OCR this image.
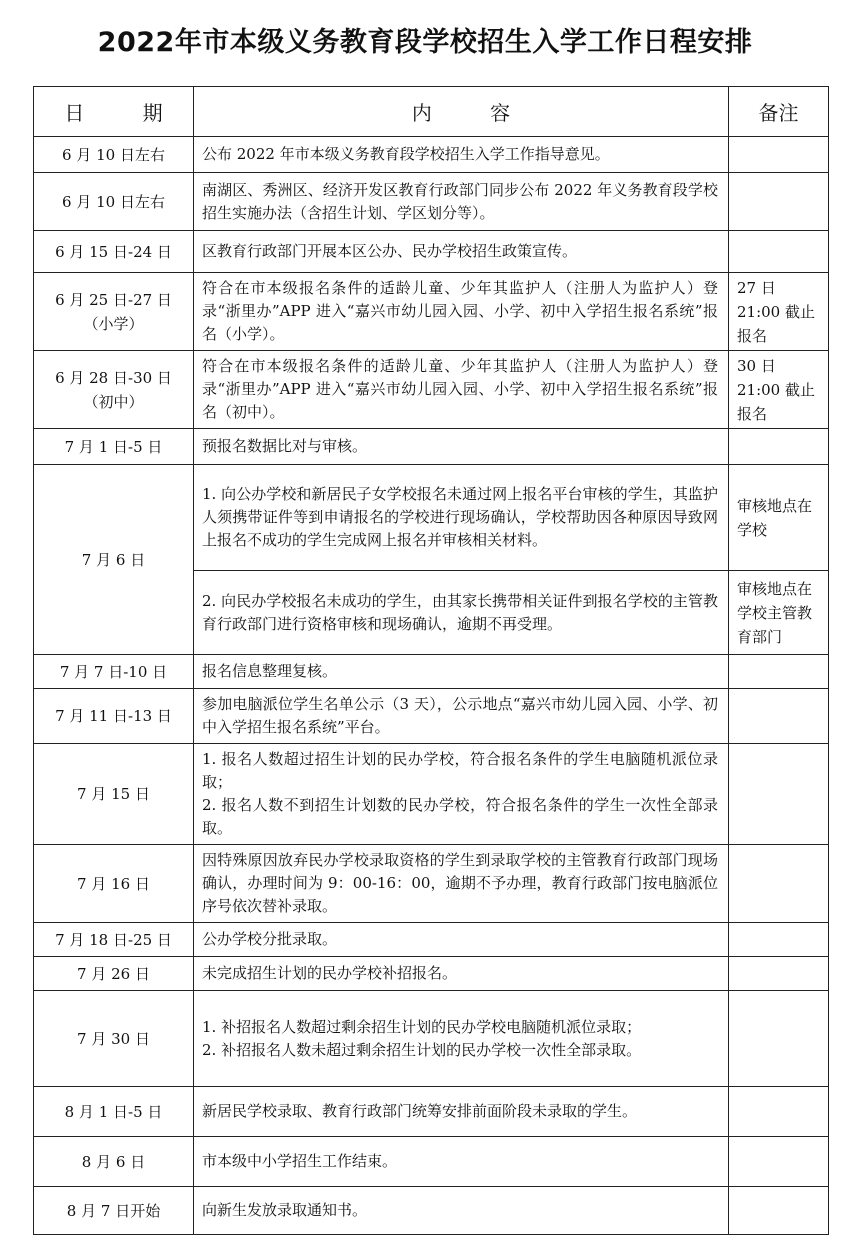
2022年市本级义务教育段学校招生入学工作日程安排
日 期	内 容	备注

6 月 10 日左右	公布 2022 年市本级义务教育段学校招生入学工作指导意见。	

6 月 10 日左右	南湖区、秀洲区、经济开发区教育行政部门同步公布 2022 年义务教育段学校招生实施办法（含招生计划、学区划分等）。	

6 月 15 日-24 日	区教育行政部门开展本区公办、民办学校招生政策宣传。	

6 月 25 日-27 日
（小学）	符合在市本级报名条件的适龄儿童、少年其监护人（注册人为监护人）登录“浙里办”APP 进入“嘉兴市幼儿园入园、小学、初中入学招生报名系统”报名（小学）。	27 日 21:00 截止报名

6 月 28 日-30 日
（初中）	符合在市本级报名条件的适龄儿童、少年其监护人（注册人为监护人）登录“浙里办”APP 进入“嘉兴市幼儿园入园、小学、初中入学招生报名系统”报名（初中）。	30 日 21:00 截止报名

7 月 1 日-5 日	预报名数据比对与审核。	

7 月 6 日	1. 向公办学校和新居民子女学校报名未通过网上报名平台审核的学生，其监护人须携带证件等到申请报名的学校进行现场确认，学校帮助因各种原因导致网上报名不成功的学生完成网上报名并审核相关材料。	审核地点在学校

	2. 向民办学校报名未成功的学生，由其家长携带相关证件到报名学校的主管教育行政部门进行资格审核和现场确认，逾期不再受理。	审核地点在学校主管教育部门

7 月 7 日-10 日	报名信息整理复核。	

7 月 11 日-13 日	参加电脑派位学生名单公示（3 天），公示地点“嘉兴市幼儿园入园、小学、初中入学招生报名系统”平台。	

7 月 15 日	1. 报名人数超过招生计划的民办学校，符合报名条件的学生电脑随机派位录取；
2. 报名人数不到招生计划数的民办学校，符合报名条件的学生一次性全部录取。	

7 月 16 日	因特殊原因放弃民办学校录取资格的学生到录取学校的主管教育行政部门现场确认，办理时间为 9：00-16：00，逾期不予办理，教育行政部门按电脑派位序号依次替补录取。	

7 月 18 日-25 日	公办学校分批录取。	

7 月 26 日	未完成招生计划的民办学校补招报名。	

7 月 30 日	1. 补招报名人数超过剩余招生计划的民办学校电脑随机派位录取；
2. 补招报名人数未超过剩余招生计划的民办学校一次性全部录取。	

8 月 1 日-5 日	新居民学校录取、教育行政部门统筹安排前面阶段未录取的学生。	

8 月 6 日	市本级中小学招生工作结束。	

8 月 7 日开始	向新生发放录取通知书。	
